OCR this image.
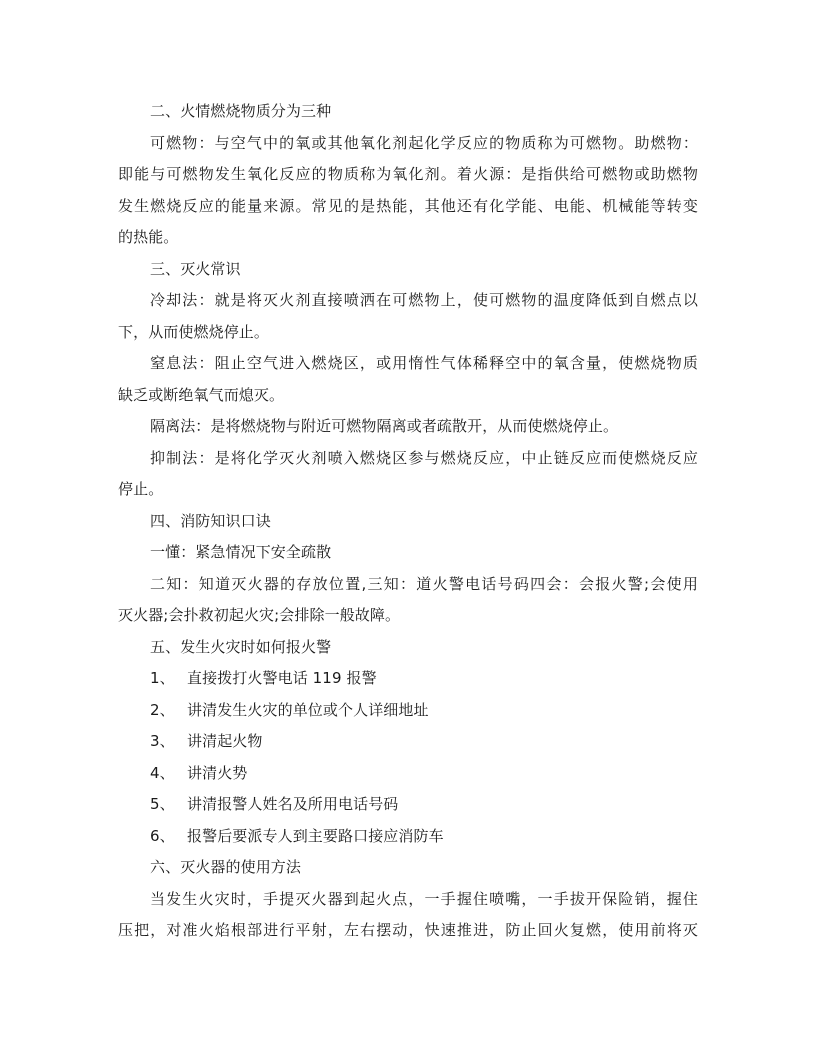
二、火情燃烧物质分为三种
可燃物：与空气中的氧或其他氧化剂起化学反应的物质称为可燃物。助燃物：
即能与可燃物发生氧化反应的物质称为氧化剂。着火源：是指供给可燃物或助燃物
发生燃烧反应的能量来源。常见的是热能，其他还有化学能、电能、机械能等转变
的热能。
三、灭火常识
冷却法：就是将灭火剂直接喷洒在可燃物上，使可燃物的温度降低到自燃点以
下，从而使燃烧停止。
窒息法：阻止空气进入燃烧区，或用惰性气体稀释空中的氧含量，使燃烧物质
缺乏或断绝氧气而熄灭。
隔离法：是将燃烧物与附近可燃物隔离或者疏散开，从而使燃烧停止。
抑制法：是将化学灭火剂喷入燃烧区参与燃烧反应，中止链反应而使燃烧反应
停止。
四、消防知识口诀
一懂：紧急情况下安全疏散
二知：知道灭火器的存放位置,三知：道火警电话号码四会：会报火警;会使用
灭火器;会扑救初起火灾;会排除一般故障。
五、发生火灾时如何报火警
1、 直接拨打火警电话 119 报警
2、 讲清发生火灾的单位或个人详细地址
3、 讲清起火物
4、 讲清火势
5、 讲清报警人姓名及所用电话号码
6、 报警后要派专人到主要路口接应消防车
六、灭火器的使用方法
当发生火灾时，手提灭火器到起火点，一手握住喷嘴，一手拔开保险销，握住
压把，对准火焰根部进行平射，左右摆动，快速推进，防止回火复燃，使用前将灭
